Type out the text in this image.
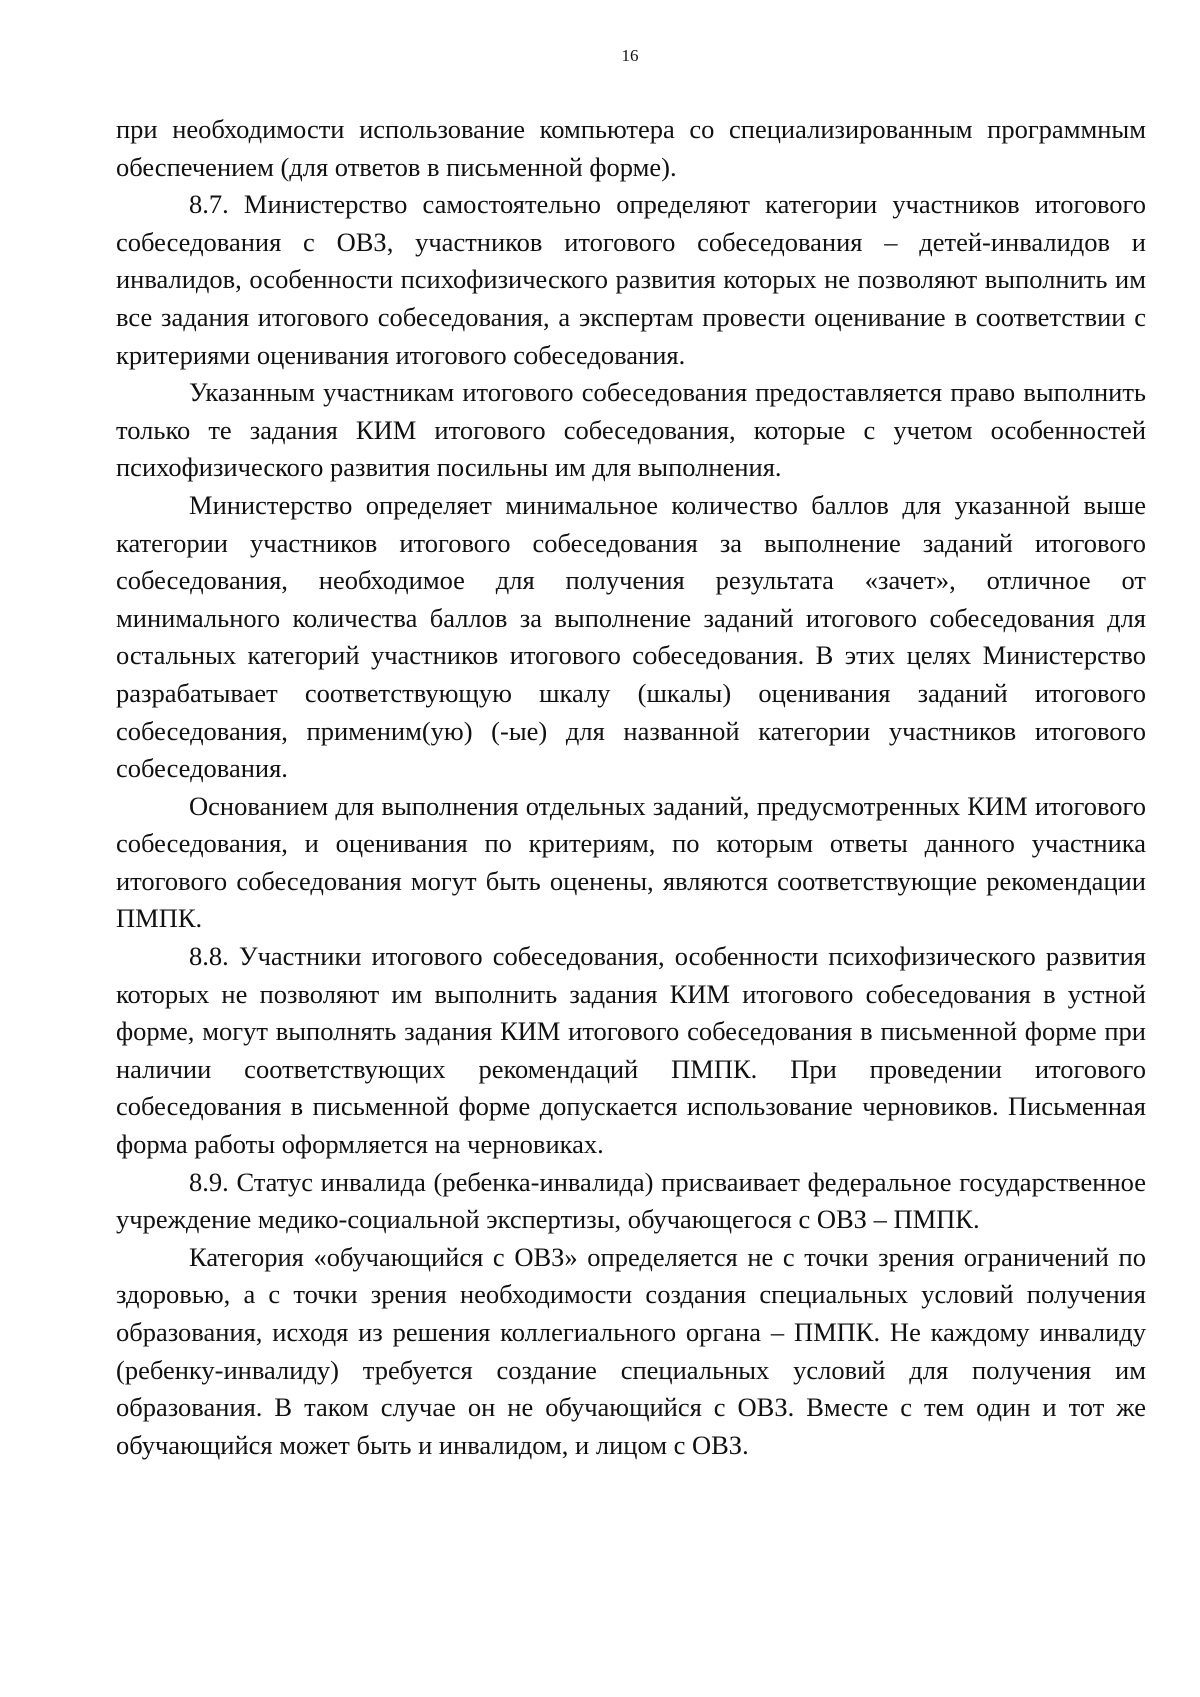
16

при необходимости использование компьютера со специализированным программным обеспечением (для ответов в письменной форме).

8.7. Министерство самостоятельно определяют категории участников итогового собеседования с ОВЗ, участников итогового собеседования – детей-инвалидов и инвалидов, особенности психофизического развития которых не позволяют выполнить им все задания итогового собеседования, а экспертам провести оценивание в соответствии с критериями оценивания итогового собеседования.

Указанным участникам итогового собеседования предоставляется право выполнить только те задания КИМ итогового собеседования, которые с учетом особенностей психофизического развития посильны им для выполнения.

Министерство определяет минимальное количество баллов для указанной выше категории участников итогового собеседования за выполнение заданий итогового собеседования, необходимое для получения результата «зачет», отличное от минимального количества баллов за выполнение заданий итогового собеседования для остальных категорий участников итогового собеседования. В этих целях Министерство разрабатывает соответствующую шкалу (шкалы) оценивания заданий итогового собеседования, применим(ую) (-ые) для названной категории участников итогового собеседования.

Основанием для выполнения отдельных заданий, предусмотренных КИМ итогового собеседования, и оценивания по критериям, по которым ответы данного участника итогового собеседования могут быть оценены, являются соответствующие рекомендации ПМПК.

8.8. Участники итогового собеседования, особенности психофизического развития которых не позволяют им выполнить задания КИМ итогового собеседования в устной форме, могут выполнять задания КИМ итогового собеседования в письменной форме при наличии соответствующих рекомендаций ПМПК. При проведении итогового собеседования в письменной форме допускается использование черновиков. Письменная форма работы оформляется на черновиках.

8.9. Статус инвалида (ребенка-инвалида) присваивает федеральное государственное учреждение медико-социальной экспертизы, обучающегося с ОВЗ – ПМПК.

Категория «обучающийся с ОВЗ» определяется не с точки зрения ограничений по здоровью, а с точки зрения необходимости создания специальных условий получения образования, исходя из решения коллегиального органа – ПМПК. Не каждому инвалиду (ребенку-инвалиду) требуется создание специальных условий для получения им образования. В таком случае он не обучающийся с ОВЗ. Вместе с тем один и тот же обучающийся может быть и инвалидом, и лицом с ОВЗ.
